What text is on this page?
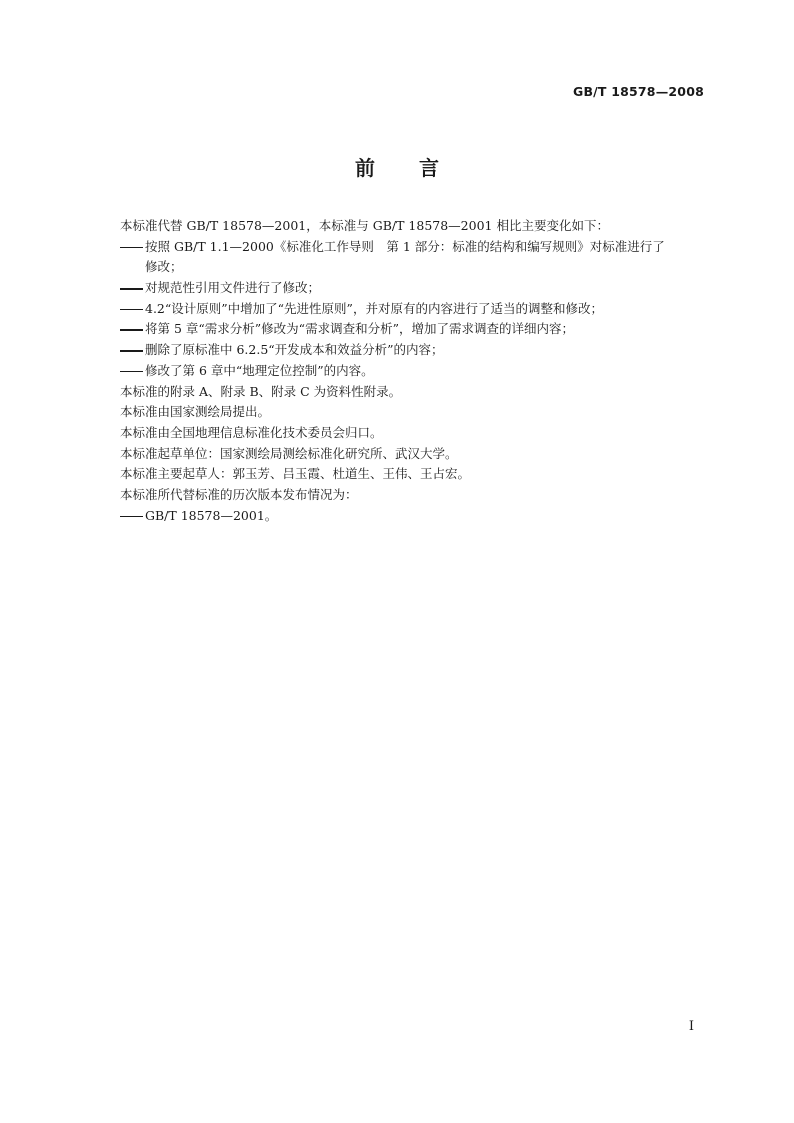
GB/T 18578—2008
前 言
本标准代替 GB/T 18578—2001，本标准与 GB/T 18578—2001 相比主要变化如下：
按照 GB/T 1.1—2000《标准化工作导则　第 1 部分：标准的结构和编写规则》对标准进行了
修改；
对规范性引用文件进行了修改；
4.2“设计原则”中增加了“先进性原则”，并对原有的内容进行了适当的调整和修改；
将第 5 章“需求分析”修改为“需求调查和分析”，增加了需求调查的详细内容；
删除了原标准中 6.2.5“开发成本和效益分析”的内容；
修改了第 6 章中“地理定位控制”的内容。
本标准的附录 A、附录 B、附录 C 为资料性附录。
本标准由国家测绘局提出。
本标准由全国地理信息标准化技术委员会归口。
本标准起草单位：国家测绘局测绘标准化研究所、武汉大学。
本标准主要起草人：郭玉芳、吕玉霞、杜道生、王伟、王占宏。
本标准所代替标准的历次版本发布情况为：
GB/T 18578—2001。
I
